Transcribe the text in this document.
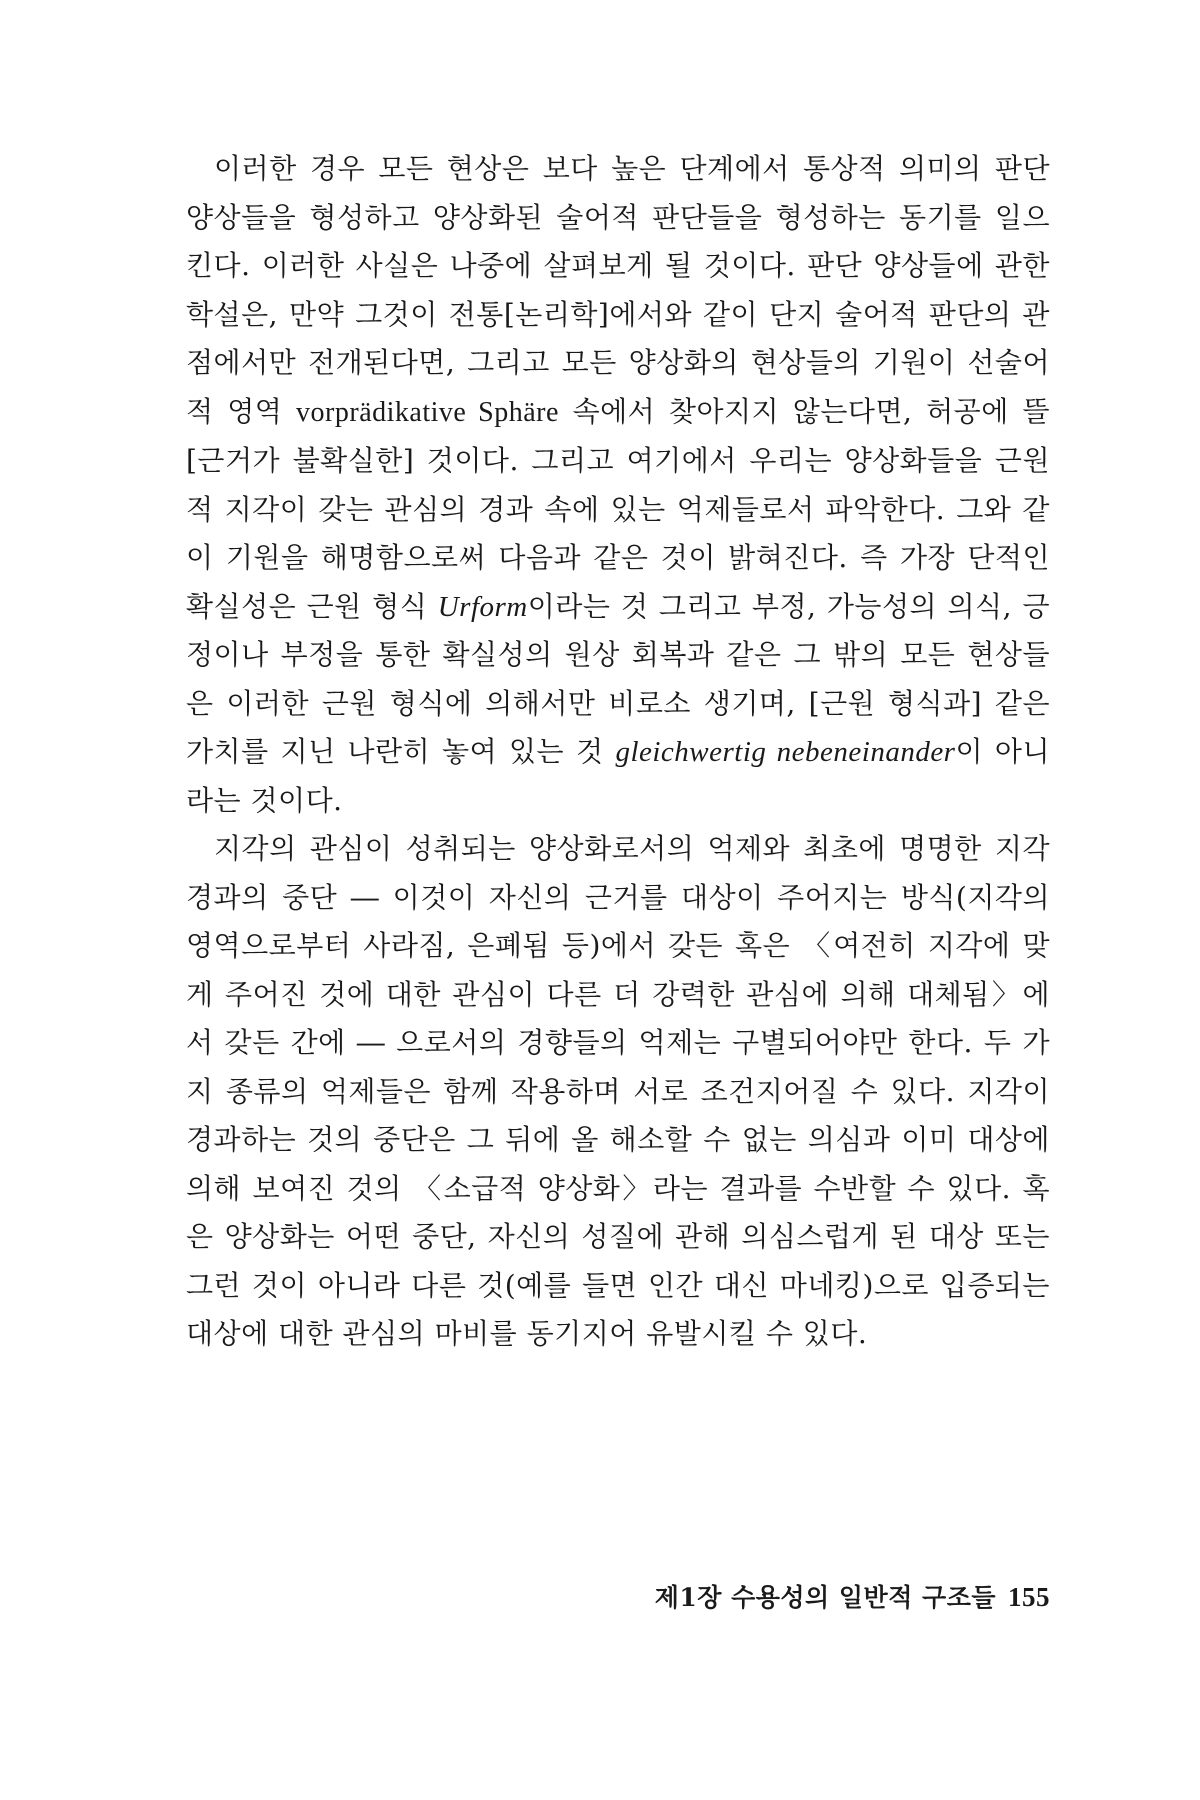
이러한 경우 모든 현상은 보다 높은 단계에서 통상적 의미의 판단 양상들을 형성하고 양상화된 술어적 판단들을 형성하는 동기를 일으킨다. 이러한 사실은 나중에 살펴보게 될 것이다. 판단 양상들에 관한 학설은, 만약 그것이 전통[논리학]에서와 같이 단지 술어적 판단의 관점에서만 전개된다면, 그리고 모든 양상화의 현상들의 기원이 선술어적 영역 vorprädikative Sphäre 속에서 찾아지지 않는다면, 허공에 뜰[근거가 불확실한] 것이다. 그리고 여기에서 우리는 양상화들을 근원적 지각이 갖는 관심의 경과 속에 있는 억제들로서 파악한다. 그와 같이 기원을 해명함으로써 다음과 같은 것이 밝혀진다. 즉 가장 단적인 확실성은 근원 형식 Urform이라는 것 그리고 부정, 가능성의 의식, 긍정이나 부정을 통한 확실성의 원상 회복과 같은 그 밖의 모든 현상들은 이러한 근원 형식에 의해서만 비로소 생기며, [근원 형식과] 같은 가치를 지닌 나란히 놓여 있는 것 gleichwertig nebeneinander이 아니라는 것이다.

지각의 관심이 성취되는 양상화로서의 억제와 최초에 명명한 지각 경과의 중단 ― 이것이 자신의 근거를 대상이 주어지는 방식(지각의 영역으로부터 사라짐, 은폐됨 등)에서 갖든 혹은 〈여전히 지각에 맞게 주어진 것에 대한 관심이 다른 더 강력한 관심에 의해 대체됨〉에서 갖든 간에 ― 으로서의 경향들의 억제는 구별되어야만 한다. 두 가지 종류의 억제들은 함께 작용하며 서로 조건지어질 수 있다. 지각이 경과하는 것의 중단은 그 뒤에 올 해소할 수 없는 의심과 이미 대상에 의해 보여진 것의 〈소급적 양상화〉라는 결과를 수반할 수 있다. 혹은 양상화는 어떤 중단, 자신의 성질에 관해 의심스럽게 된 대상 또는 그런 것이 아니라 다른 것(예를 들면 인간 대신 마네킹)으로 입증되는 대상에 대한 관심의 마비를 동기지어 유발시킬 수 있다.

제1장 수용성의 일반적 구조들 155
